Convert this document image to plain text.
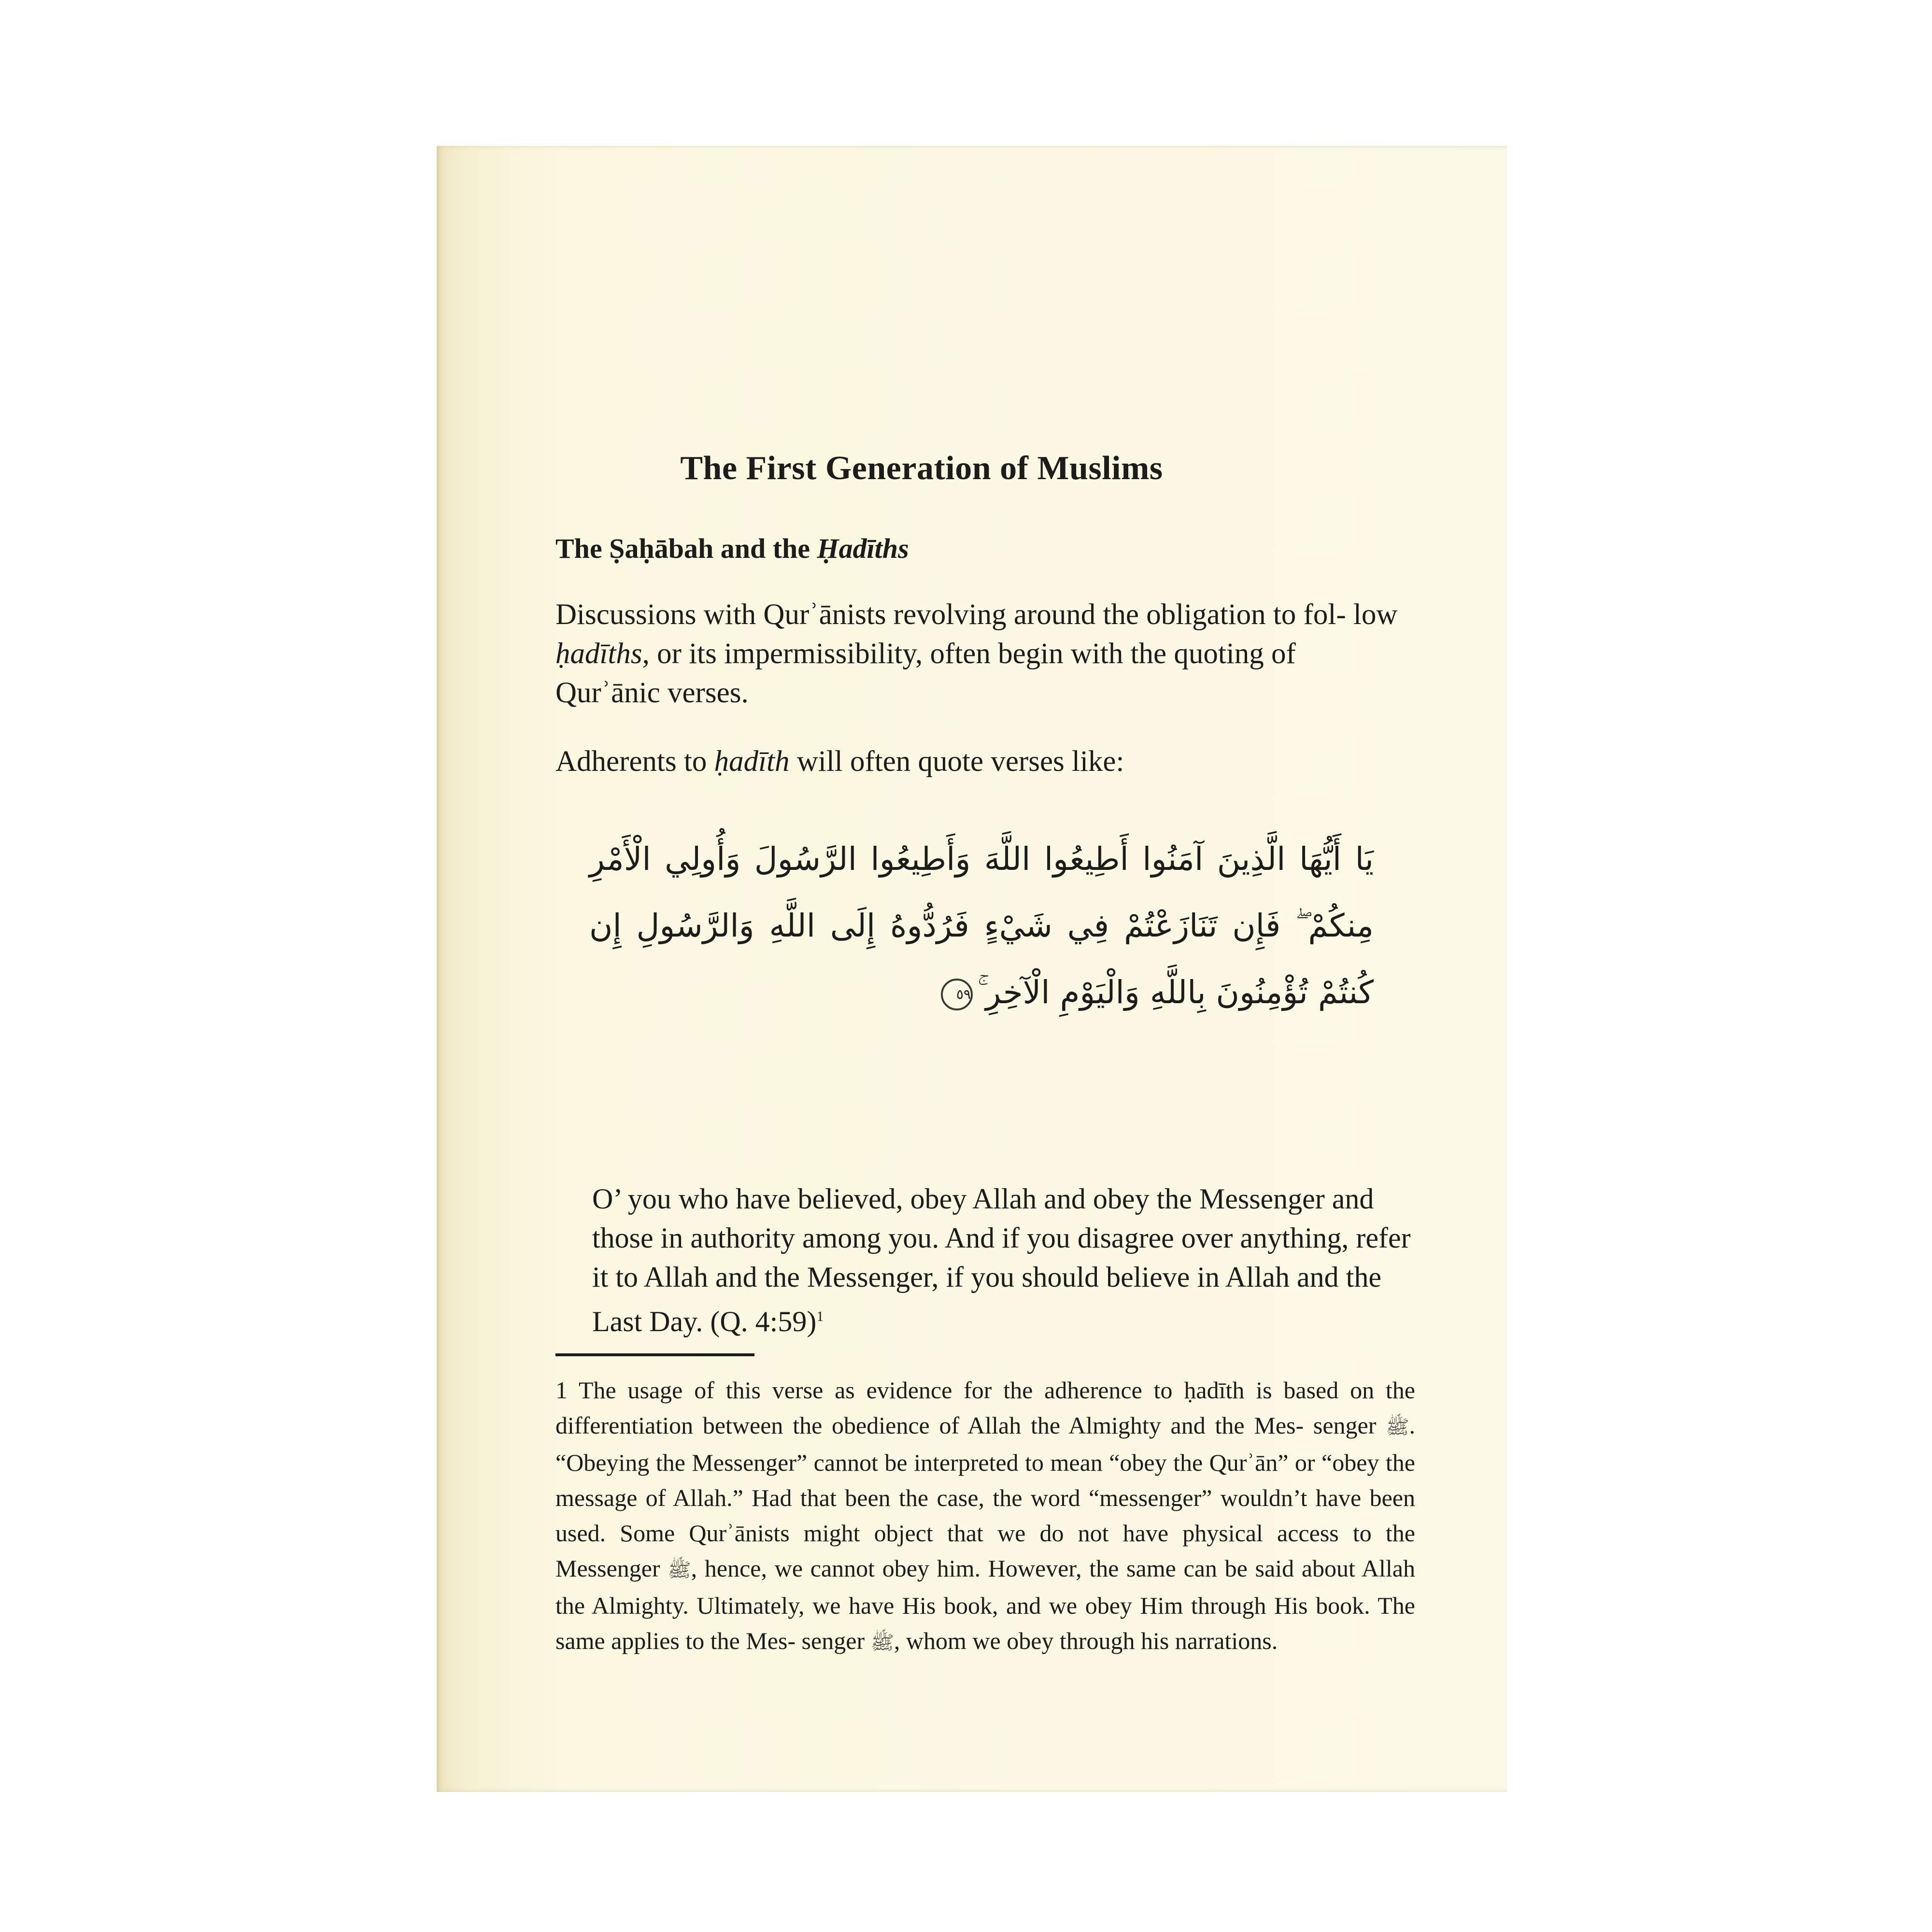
The First Generation of Muslims
The Ṣaḥābah and the Ḥadīths

Discussions with Qurʾānists revolving around the obligation to fol- low ḥadīths, or its impermissibility, often begin with the quoting of Qurʾānic verses.

Adherents to ḥadīth will often quote verses like:

يَا أَيُّهَا الَّذِينَ آمَنُوا أَطِيعُوا اللَّهَ وَأَطِيعُوا الرَّسُولَ وَأُولِي الْأَمْرِ مِنكُمْ ۖ فَإِن تَنَازَعْتُمْ فِي شَيْءٍ فَرُدُّوهُ إِلَى اللَّهِ وَالرَّسُولِ إِن كُنتُمْ تُؤْمِنُونَ بِاللَّهِ وَالْيَوْمِ الْآخِرِ ۚ٥٩

O’ you who have believed, obey Allah and obey the Messenger and those in authority among you. And if you disagree over anything, refer it to Allah and the Messenger, if you should believe in Allah and the Last Day. (Q. 4:59)$^1$

1 The usage of this verse as evidence for the adherence to ḥadīth is based on the differentiation between the obedience of Allah the Almighty and the Mes- senger ﷺ. “Obeying the Messenger” cannot be interpreted to mean “obey the Qurʾān” or “obey the message of Allah.” Had that been the case, the word “messenger” wouldn’t have been used. Some Qurʾānists might object that we do not have physical access to the Messenger ﷺ, hence, we cannot obey him. However, the same can be said about Allah the Almighty. Ultimately, we have His book, and we obey Him through His book. The same applies to the Mes- senger ﷺ, whom we obey through his narrations.
